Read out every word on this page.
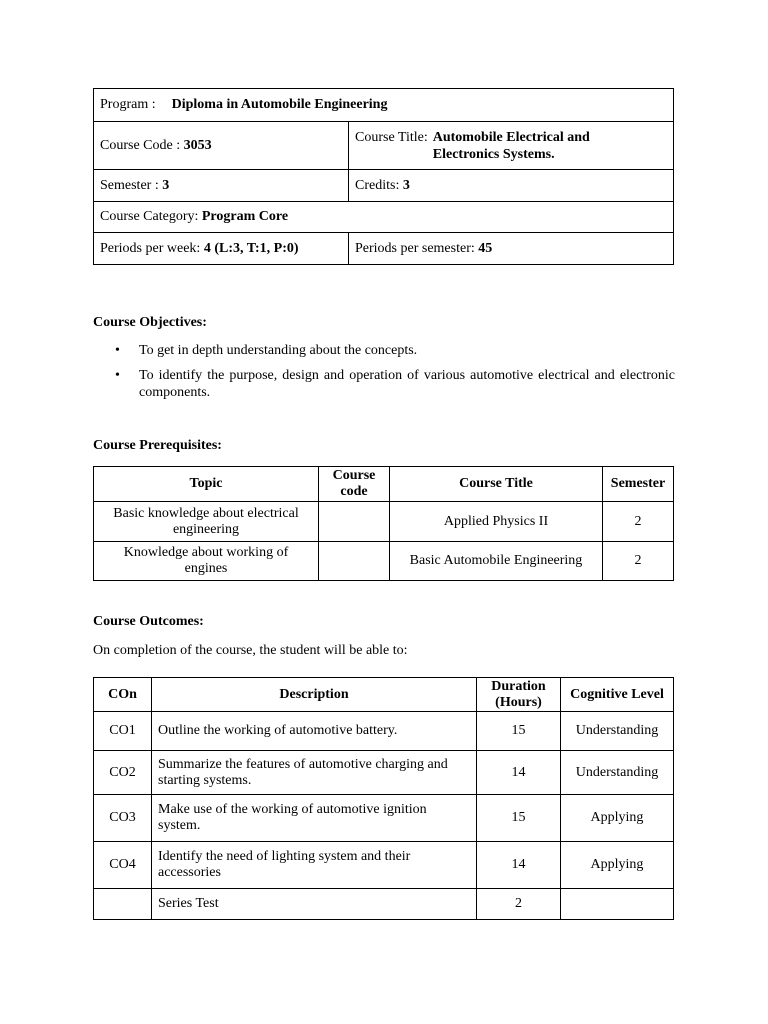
Program : Diploma in Automobile Engineering	
Course Code : 3053	Course Title: Automobile Electrical and
Electronics Systems.

Semester : 3	Credits: 3
Course Category: Program Core	
Periods per week: 4 (L:3, T:1, P:0)	Periods per semester: 45
Course Objectives:
• To get in depth understanding about the concepts.
• To identify the purpose, design and operation of various automotive electrical and electronic components.
Course Prerequisites:
Topic	Course code	Course Title	Semester
Basic knowledge about electrical engineering		Applied Physics II	2
Knowledge about working of engines		Basic Automobile Engineering	2
Course Outcomes:
On completion of the course, the student will be able to:
COn	Description	Duration (Hours)	Cognitive Level
CO1	Outline the working of automotive battery.	15	Understanding
CO2	Summarize the features of automotive charging and starting systems.	14	Understanding
CO3	Make use of the working of automotive ignition system.	15	Applying
CO4	Identify the need of lighting system and their accessories	14	Applying
	Series Test	2	
